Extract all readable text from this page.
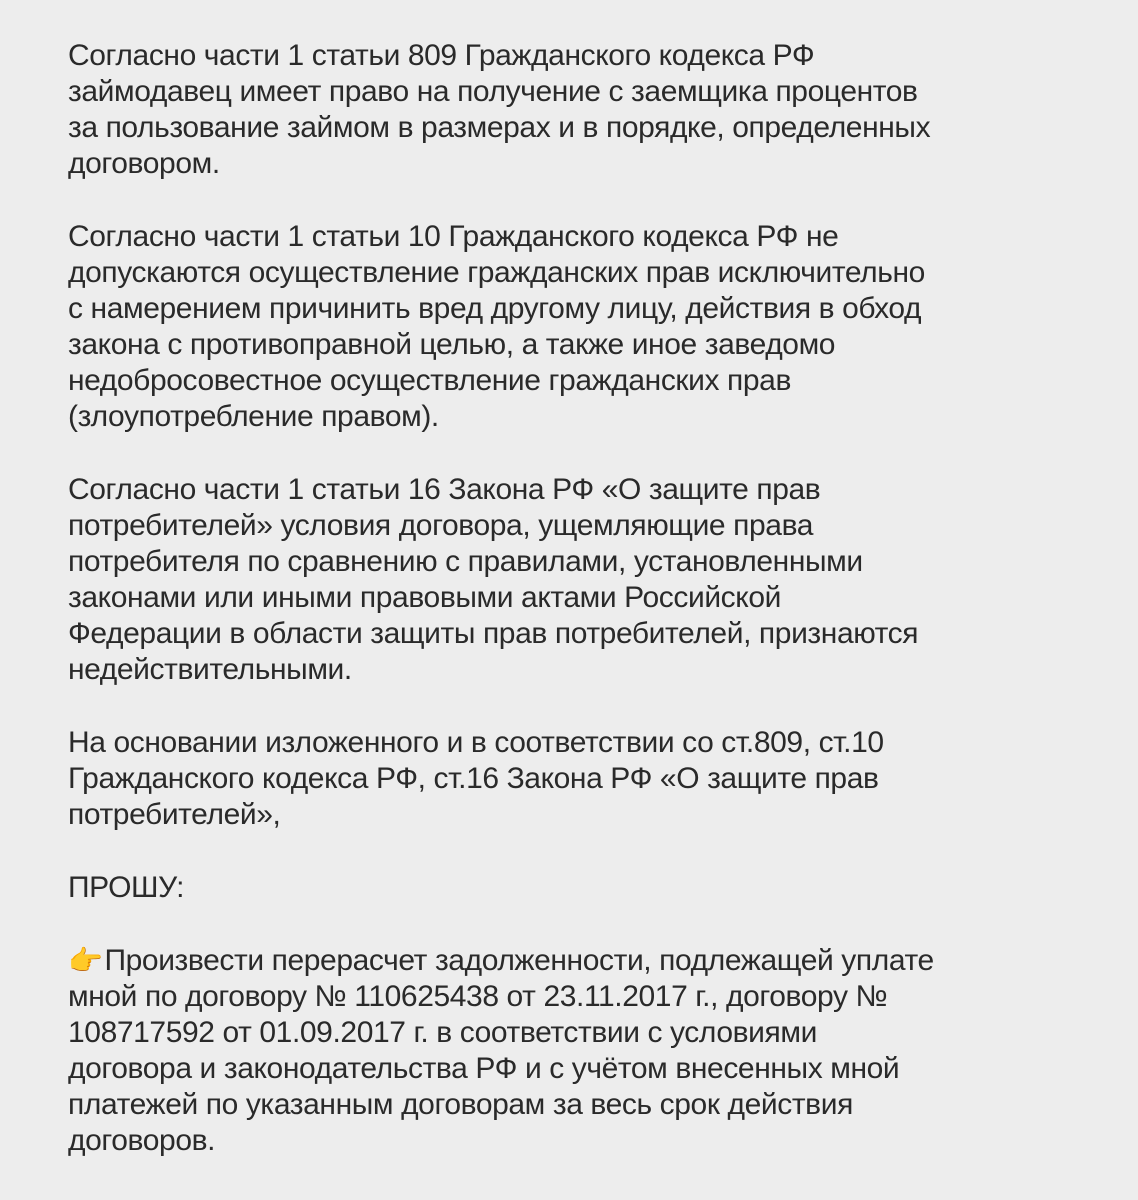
Согласно части 1 статьи 809 Гражданского кодекса РФ
займодавец имеет право на получение с заемщика процентов
за пользование займом в размерах и в порядке, определенных
договором.
Согласно части 1 статьи 10 Гражданского кодекса РФ не
допускаются осуществление гражданских прав исключительно
с намерением причинить вред другому лицу, действия в обход
закона с противоправной целью, а также иное заведомо
недобросовестное осуществление гражданских прав
(злоупотребление правом).
Согласно части 1 статьи 16 Закона РФ «О защите прав
потребителей» условия договора, ущемляющие права
потребителя по сравнению с правилами, установленными
законами или иными правовыми актами Российской
Федерации в области защиты прав потребителей, признаются
недействительными.
На основании изложенного и в соответствии со ст.809, ст.10
Гражданского кодекса РФ, ст.16 Закона РФ «О защите прав
потребителей»,
ПРОШУ:
👉Произвести перерасчет задолженности, подлежащей уплате
мной по договору № 110625438 от 23.11.2017 г., договору №
108717592 от 01.09.2017 г. в соответствии с условиями
договора и законодательства РФ и с учётом внесенных мной
платежей по указанным договорам за весь срок действия
договоров.
